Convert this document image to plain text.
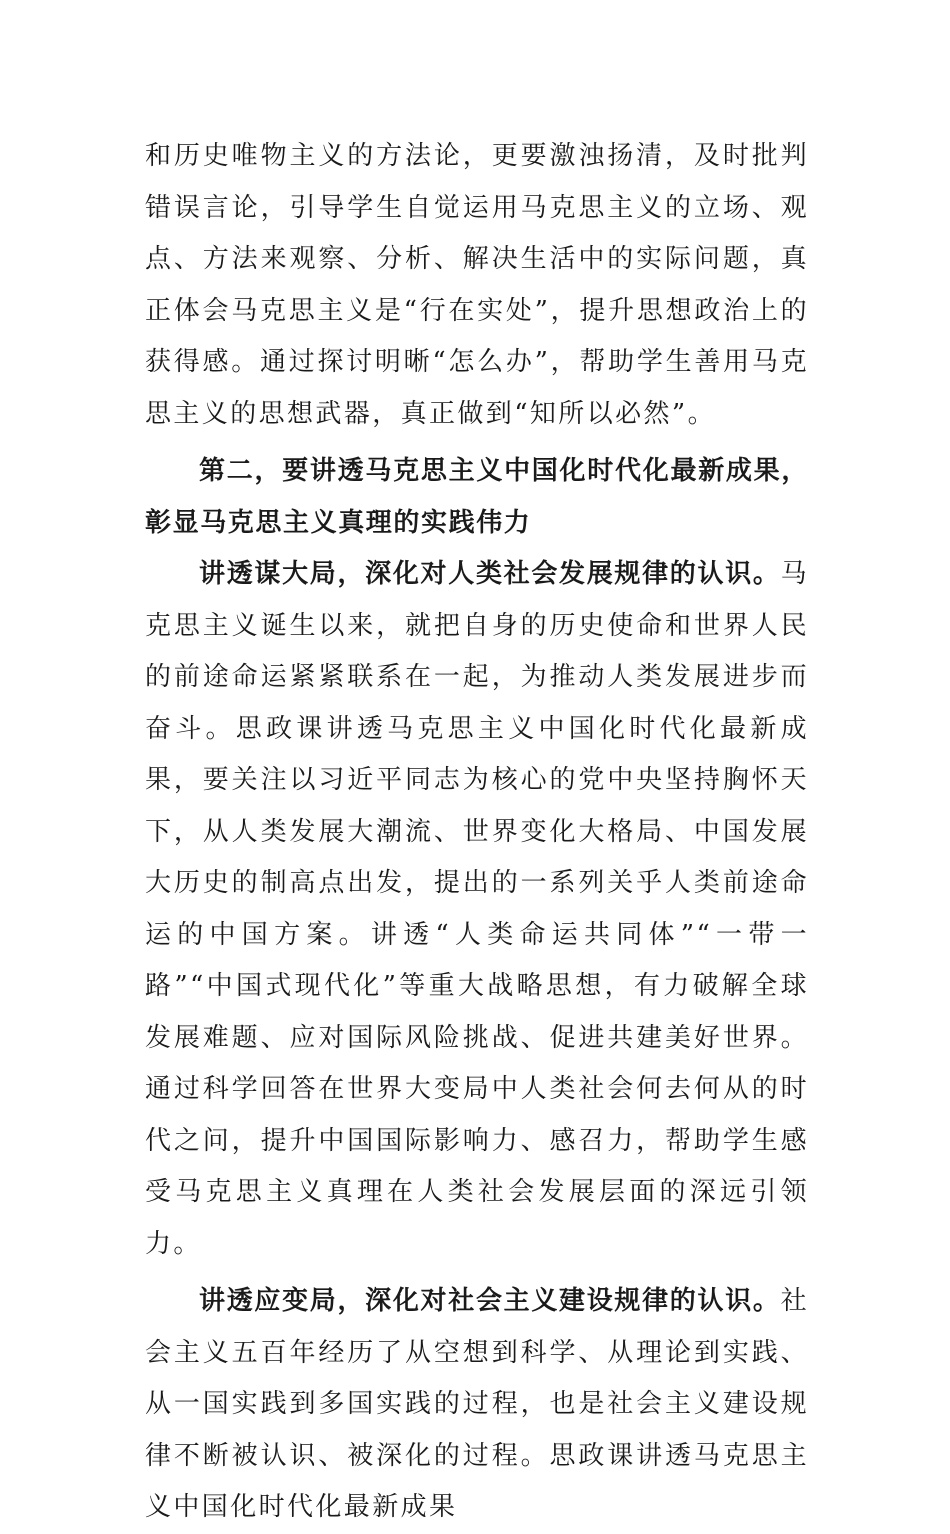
和历史唯物主义的方法论，更要激浊扬清，及时批判错误言论，引导学生自觉运用马克思主义的立场、观点、方法来观察、分析、解决生活中的实际问题，真正体会马克思主义是“行在实处”，提升思想政治上的获得感。通过探讨明晰“怎么办”，帮助学生善用马克思主义的思想武器，真正做到“知所以必然”。

第二，要讲透马克思主义中国化时代化最新成果，彰显马克思主义真理的实践伟力

讲透谋大局，深化对人类社会发展规律的认识。马克思主义诞生以来，就把自身的历史使命和世界人民的前途命运紧紧联系在一起，为推动人类发展进步而奋斗。思政课讲透马克思主义中国化时代化最新成果，要关注以习近平同志为核心的党中央坚持胸怀天下，从人类发展大潮流、世界变化大格局、中国发展大历史的制高点出发，提出的一系列关乎人类前途命运的中国方案。讲透“人类命运共同体”“一带一路”“中国式现代化”等重大战略思想，有力破解全球发展难题、应对国际风险挑战、促进共建美好世界。通过科学回答在世界大变局中人类社会何去何从的时代之问，提升中国国际影响力、感召力，帮助学生感受马克思主义真理在人类社会发展层面的深远引领力。

讲透应变局，深化对社会主义建设规律的认识。社会主义五百年经历了从空想到科学、从理论到实践、从一国实践到多国实践的过程，也是社会主义建设规律不断被认识、被深化的过程。思政课讲透马克思主义中国化时代化最新成果
